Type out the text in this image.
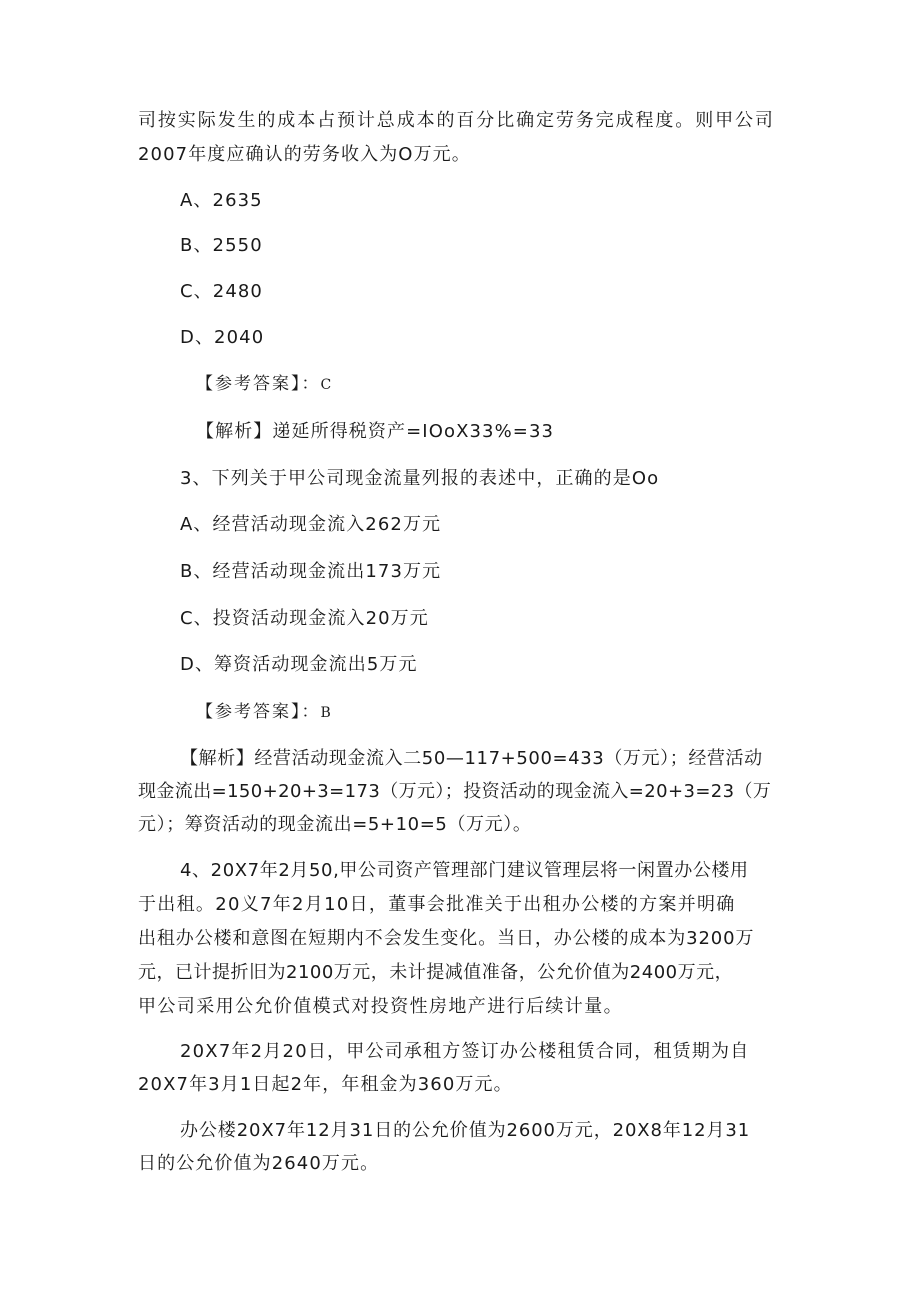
司按实际发生的成本占预计总成本的百分比确定劳务完成程度。则甲公司
2007年度应确认的劳务收入为O万元。
A、2635
B、2550
C、2480
D、2040
【参考答案】：C
【解析】递延所得税资产=IOoX33%=33
3、下列关于甲公司现金流量列报的表述中，正确的是Oo
A、经营活动现金流入262万元
B、经营活动现金流出173万元
C、投资活动现金流入20万元
D、筹资活动现金流出5万元
【参考答案】：B
【解析】经营活动现金流入二50—117+500=433（万元）；经营活动
现金流出=150+20+3=173（万元）；投资活动的现金流入=20+3=23（万
元）；筹资活动的现金流出=5+10=5（万元）。
4、20X7年2月50,甲公司资产管理部门建议管理层将一闲置办公楼用
于出租。20义7年2月10日，董事会批准关于出租办公楼的方案并明确
出租办公楼和意图在短期内不会发生变化。当日，办公楼的成本为3200万
元，已计提折旧为2100万元，未计提减值准备，公允价值为2400万元，
甲公司采用公允价值模式对投资性房地产进行后续计量。
20X7年2月20日，甲公司承租方签订办公楼租赁合同，租赁期为自
20X7年3月1日起2年，年租金为360万元。
办公楼20X7年12月31日的公允价值为2600万元，20X8年12月31
日的公允价值为2640万元。
